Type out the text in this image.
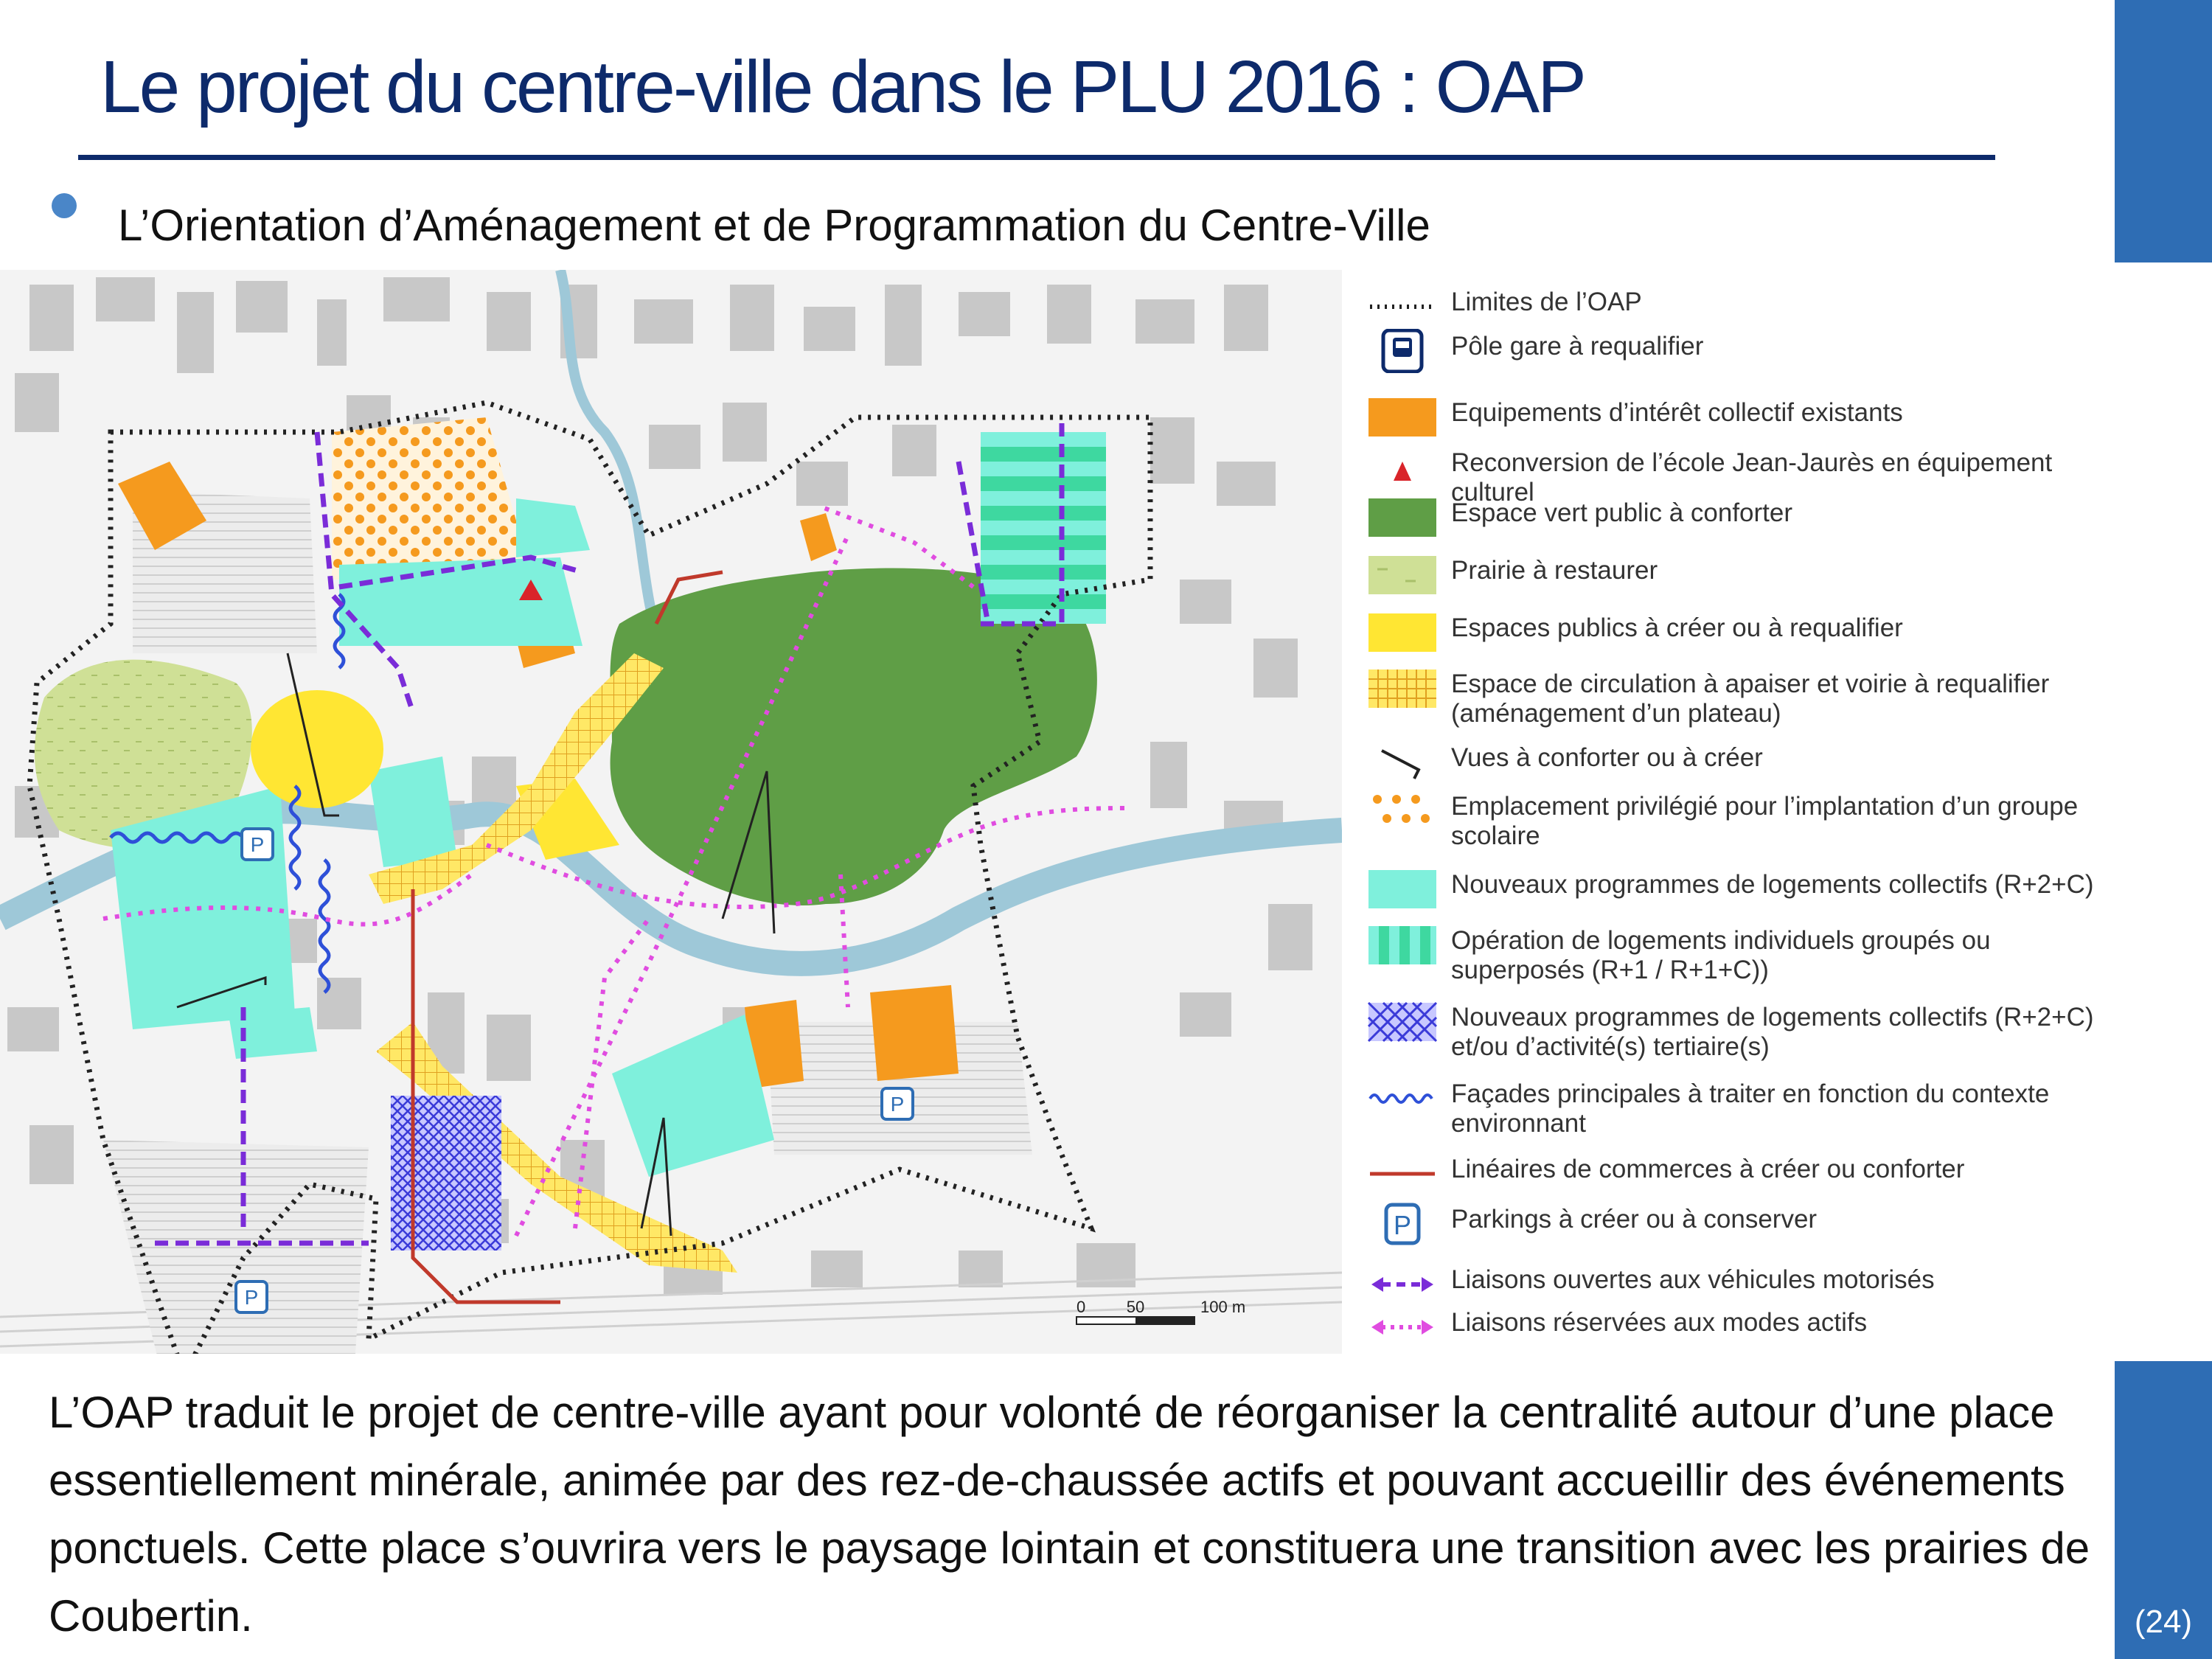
(24)
Le projet du centre-ville dans le PLU 2016 : OAP
L’Orientation d’Aménagement et de Programmation du Centre-Ville
P
P
P
0	50	100 m
Limites de l’OAP
Pôle gare à requalifier
Equipements d’intérêt collectif existants
Reconversion de l’école Jean-Jaurès en équipement culturel
Espace vert public à conforter
Prairie à restaurer
Espaces publics à créer ou à requalifier
Espace de circulation à apaiser et voirie à requalifier (aménagement d’un plateau)
Vues à conforter ou à créer
Emplacement privilégié pour l’implantation d’un groupe scolaire
Nouveaux programmes de logements collectifs (R+2+C)
Opération de logements individuels groupés ou superposés (R+1 / R+1+C))
Nouveaux programmes de logements collectifs (R+2+C) et/ou d’activité(s) tertiaire(s)
Façades principales à traiter en fonction du contexte environnant
Linéaires de commerces à créer ou conforter
P Parkings à créer ou à conserver
Liaisons ouvertes aux véhicules motorisés
Liaisons réservées aux modes actifs
L’OAP traduit le projet de centre-ville ayant pour volonté de réorganiser la centralité autour d’une place essentiellement minérale, animée par des rez-de-chaussée actifs et pouvant accueillir des événements ponctuels. Cette place s’ouvrira vers le paysage lointain et constituera une transition avec les prairies de Coubertin.
